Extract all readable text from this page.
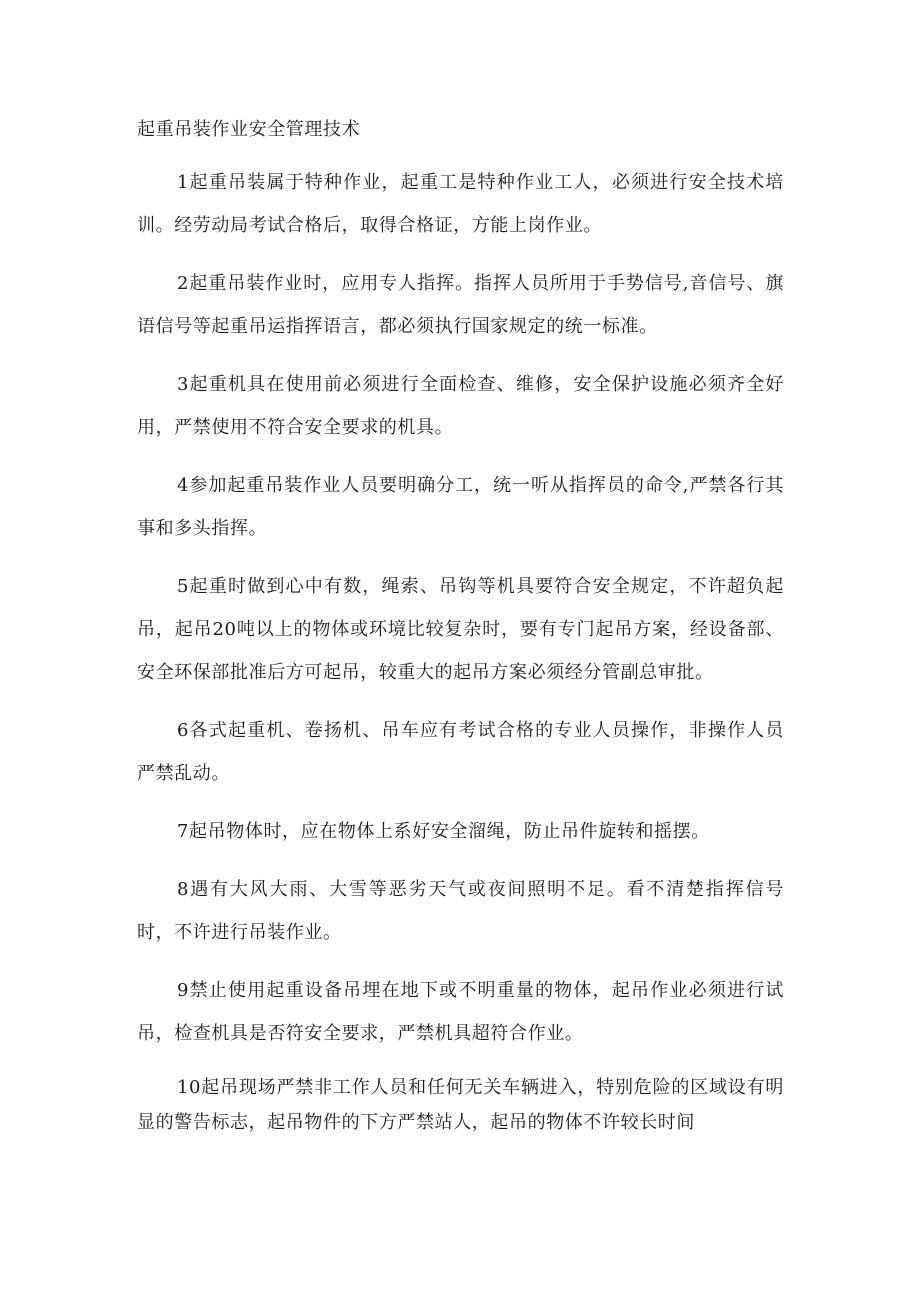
起重吊装作业安全管理技术

1起重吊装属于特种作业，起重工是特种作业工人，必须进行安全技术培训。经劳动局考试合格后，取得合格证，方能上岗作业。

2起重吊装作业时，应用专人指挥。指挥人员所用于手势信号,音信号、旗语信号等起重吊运指挥语言，都必须执行国家规定的统一标准。

3起重机具在使用前必须进行全面检查、维修，安全保护设施必须齐全好用，严禁使用不符合安全要求的机具。

4参加起重吊装作业人员要明确分工，统一听从指挥员的命令,严禁各行其事和多头指挥。

5起重时做到心中有数，绳索、吊钩等机具要符合安全规定，不许超负起吊，起吊20吨以上的物体或环境比较复杂时，要有专门起吊方案，经设备部、安全环保部批准后方可起吊，较重大的起吊方案必须经分管副总审批。

6各式起重机、卷扬机、吊车应有考试合格的专业人员操作，非操作人员严禁乱动。

7起吊物体时，应在物体上系好安全溜绳，防止吊件旋转和摇摆。

8遇有大风大雨、大雪等恶劣天气或夜间照明不足。看不清楚指挥信号时，不许进行吊装作业。

9禁止使用起重设备吊埋在地下或不明重量的物体，起吊作业必须进行试吊，检查机具是否符安全要求，严禁机具超符合作业。

10起吊现场严禁非工作人员和任何无关车辆进入，特别危险的区域设有明显的警告标志，起吊物件的下方严禁站人，起吊的物体不许较长时间
